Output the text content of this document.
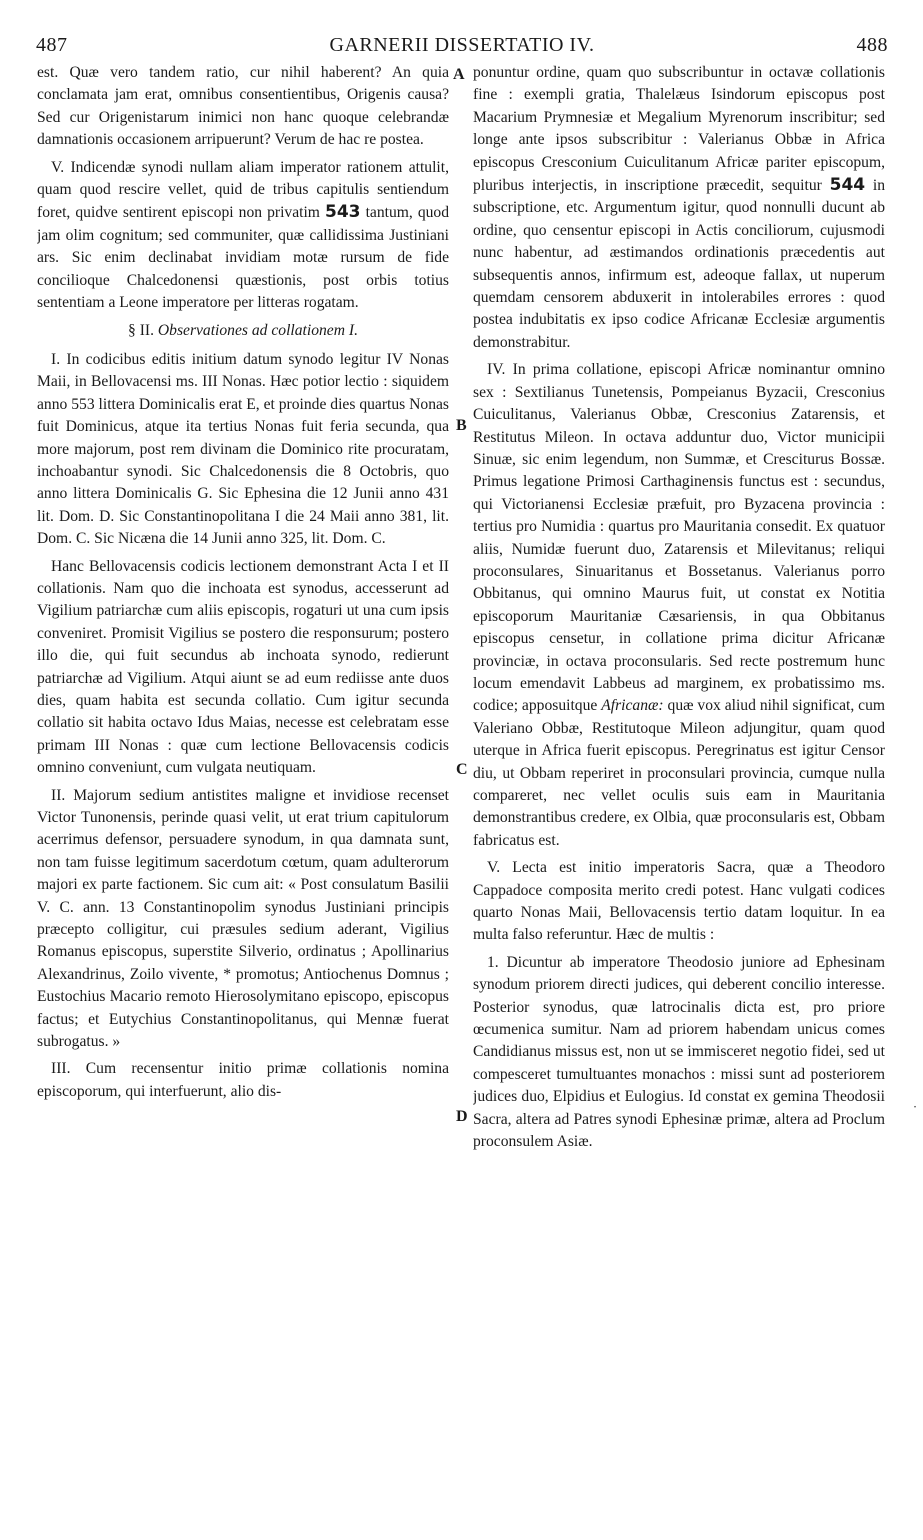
487	GARNERII DISSERTATIO IV.	488
A
B
C
D
·

est. Quæ vero tandem ratio, cur nihil haberent? An quia conclamata jam erat, omnibus consentientibus, Origenis causa? Sed cur Origenistarum inimici non hanc quoque celebrandæ damnationis occasionem arripuerunt? Verum de hac re postea.

V. Indicendæ synodi nullam aliam imperator rationem attulit, quam quod rescire vellet, quid de tribus capitulis sentiendum foret, quidve sentirent episcopi non privatim 543 tantum, quod jam olim cognitum; sed communiter, quæ callidissima Justiniani ars. Sic enim declinabat invidiam motæ rursum de fide concilioque Chalcedonensi quæstionis, post orbis totius sententiam a Leone imperatore per litteras rogatam.

§ II. Observationes ad collationem I.

I. In codicibus editis initium datum synodo legitur IV Nonas Maii, in Bellovacensi ms. III Nonas. Hæc potior lectio : siquidem anno 553 littera Dominicalis erat E, et proinde dies quartus Nonas fuit Dominicus, atque ita tertius Nonas fuit feria secunda, qua more majorum, post rem divinam die Dominico rite procuratam, inchoabantur synodi. Sic Chalcedonensis die 8 Octobris, quo anno littera Dominicalis G. Sic Ephesina die 12 Junii anno 431 lit. Dom. D. Sic Constantinopolitana I die 24 Maii anno 381, lit. Dom. C. Sic Nicæna die 14 Junii anno 325, lit. Dom. C.

Hanc Bellovacensis codicis lectionem demonstrant Acta I et II collationis. Nam quo die inchoata est synodus, accesserunt ad Vigilium patriarchæ cum aliis episcopis, rogaturi ut una cum ipsis conveniret. Promisit Vigilius se postero die responsurum; postero illo die, qui fuit secundus ab inchoata synodo, redierunt patriarchæ ad Vigilium. Atqui aiunt se ad eum rediisse ante duos dies, quam habita est secunda collatio. Cum igitur secunda collatio sit habita octavo Idus Maias, necesse est celebratam esse primam III Nonas : quæ cum lectione Bellovacensis codicis omnino conveniunt, cum vulgata neutiquam.

II. Majorum sedium antistites maligne et invidiose recenset Victor Tunonensis, perinde quasi velit, ut erat trium capitulorum acerrimus defensor, persuadere synodum, in qua damnata sunt, non tam fuisse legitimum sacerdotum cœtum, quam adulterorum majori ex parte factionem. Sic cum ait: « Post consulatum Basilii V. C. ann. 13 Constantinopolim synodus Justiniani principis præcepto colligitur, cui præsules sedium aderant, Vigilius Romanus episcopus, superstite Silverio, ordinatus ; Apollinarius Alexandrinus, Zoilo vivente, * promotus; Antiochenus Domnus ; Eustochius Macario remoto Hierosolymitano episcopo, episcopus factus; et Eutychius Constantinopolitanus, qui Mennæ fuerat subrogatus. »

III. Cum recensentur initio primæ collationis nomina episcoporum, qui interfuerunt, alio dis-

ponuntur ordine, quam quo subscribuntur in octavæ collationis fine : exempli gratia, Thalelæus Isindorum episcopus post Macarium Prymnesiæ et Megalium Myrenorum inscribitur; sed longe ante ipsos subscribitur : Valerianus Obbæ in Africa episcopus Cresconium Cuiculitanum Africæ pariter episcopum, pluribus interjectis, in inscriptione præcedit, sequitur 544 in subscriptione, etc. Argumentum igitur, quod nonnulli ducunt ab ordine, quo censentur episcopi in Actis conciliorum, cujusmodi nunc habentur, ad æstimandos ordinationis præcedentis aut subsequentis annos, infirmum est, adeoque fallax, ut nuperum quemdam censorem abduxerit in intolerabiles errores : quod postea indubitatis ex ipso codice Africanæ Ecclesiæ argumentis demonstrabitur.

IV. In prima collatione, episcopi Africæ nominantur omnino sex : Sextilianus Tunetensis, Pompeianus Byzacii, Cresconius Cuiculitanus, Valerianus Obbæ, Cresconius Zatarensis, et Restitutus Mileon. In octava adduntur duo, Victor municipii Sinuæ, sic enim legendum, non Summæ, et Cresciturus Bossæ. Primus legatione Primosi Carthaginensis functus est : secundus, qui Victorianensi Ecclesiæ præfuit, pro Byzacena provincia : tertius pro Numidia : quartus pro Mauritania consedit. Ex quatuor aliis, Numidæ fuerunt duo, Zatarensis et Milevitanus; reliqui proconsulares, Sinuaritanus et Bossetanus. Valerianus porro Obbitanus, qui omnino Maurus fuit, ut constat ex Notitia episcoporum Mauritaniæ Cæsariensis, in qua Obbitanus episcopus censetur, in collatione prima dicitur Africanæ provinciæ, in octava proconsularis. Sed recte postremum hunc locum emendavit Labbeus ad marginem, ex probatissimo ms. codice; apposuitque Africanæ: quæ vox aliud nihil significat, cum Valeriano Obbæ, Restitutoque Mileon adjungitur, quam quod uterque in Africa fuerit episcopus. Peregrinatus est igitur Censor diu, ut Obbam reperiret in proconsulari provincia, cumque nulla compareret, nec vellet oculis suis eam in Mauritania demonstrantibus credere, ex Olbia, quæ proconsularis est, Obbam fabricatus est.

V. Lecta est initio imperatoris Sacra, quæ a Theodoro Cappadoce composita merito credi potest. Hanc vulgati codices quarto Nonas Maii, Bellovacensis tertio datam loquitur. In ea multa falso referuntur. Hæc de multis :

1. Dicuntur ab imperatore Theodosio juniore ad Ephesinam synodum priorem directi judices, qui deberent concilio interesse. Posterior synodus, quæ latrocinalis dicta est, pro priore œcumenica sumitur. Nam ad priorem habendam unicus comes Candidianus missus est, non ut se immisceret negotio fidei, sed ut compesceret tumultuantes monachos : missi sunt ad posteriorem judices duo, Elpidius et Eulogius. Id constat ex gemina Theodosii Sacra, altera ad Patres synodi Ephesinæ primæ, altera ad Proclum proconsulem Asiæ.
